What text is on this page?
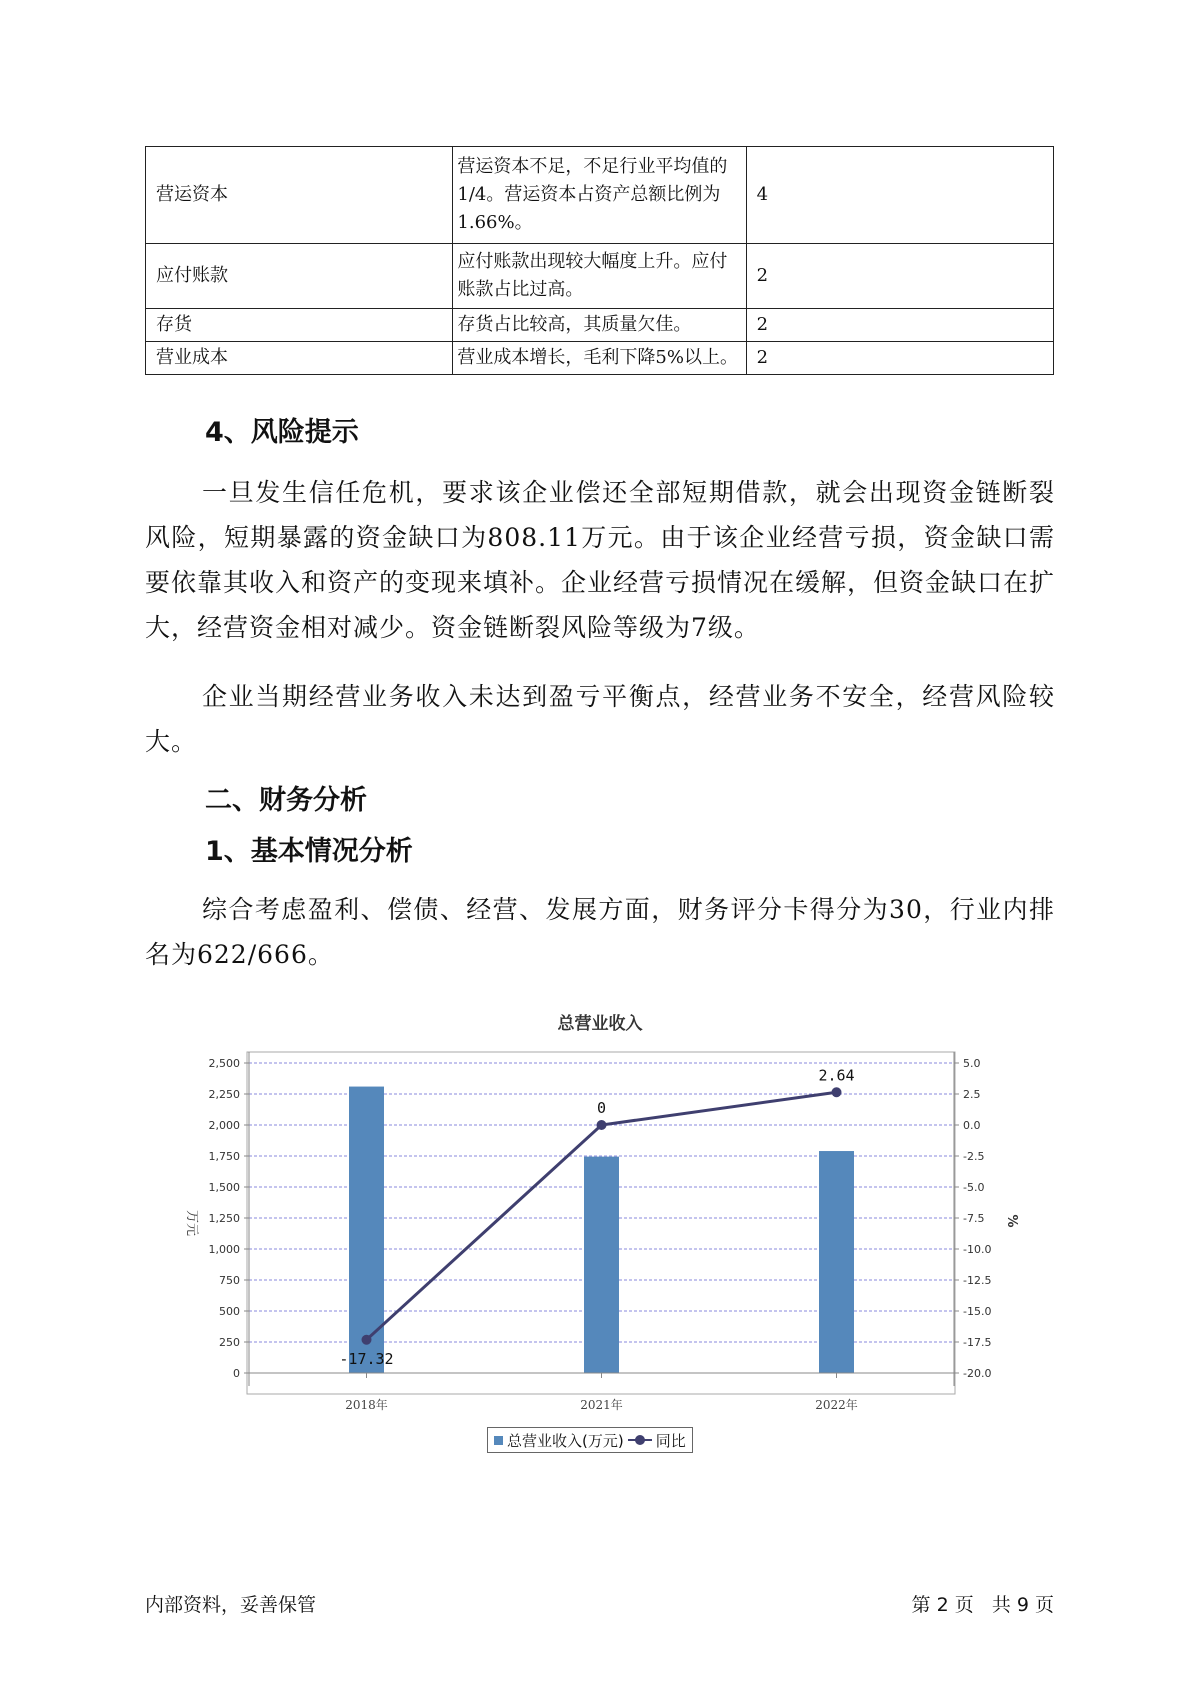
营运资本	营运资本不足，不足行业平均值的1/4。营运资本占资产总额比例为1.66%。	4
应付账款	应付账款出现较大幅度上升。应付账款占比过高。	2
存货	存货占比较高，其质量欠佳。	2
营业成本	营业成本增长，毛利下降5%以上。	2
4、风险提示

一旦发生信任危机，要求该企业偿还全部短期借款，就会出现资金链断裂风险，短期暴露的资金缺口为808.11万元。由于该企业经营亏损，资金缺口需要依靠其收入和资产的变现来填补。企业经营亏损情况在缓解，但资金缺口在扩大，经营资金相对减少。资金链断裂风险等级为7级。

企业当期经营业务收入未达到盈亏平衡点，经营业务不安全，经营风险较大。

二、财务分析
1、基本情况分析

综合考虑盈利、偿债、经营、发展方面，财务评分卡得分为30，行业内排名为622/666。

总营业收入
0
250
500
750
1,000
1,250
1,500
1,750
2,000
2,250
2,500	5.0
2.5
0.0
-2.5
-5.0
-7.5
-10.0
-12.5
-15.0
-17.5
-20.0
2018年	2021年	2022年
-17.32
0
2.64
万元	%
总营业收入(万元) 同比
内部资料，妥善保管	第 2 页   共 9 页
